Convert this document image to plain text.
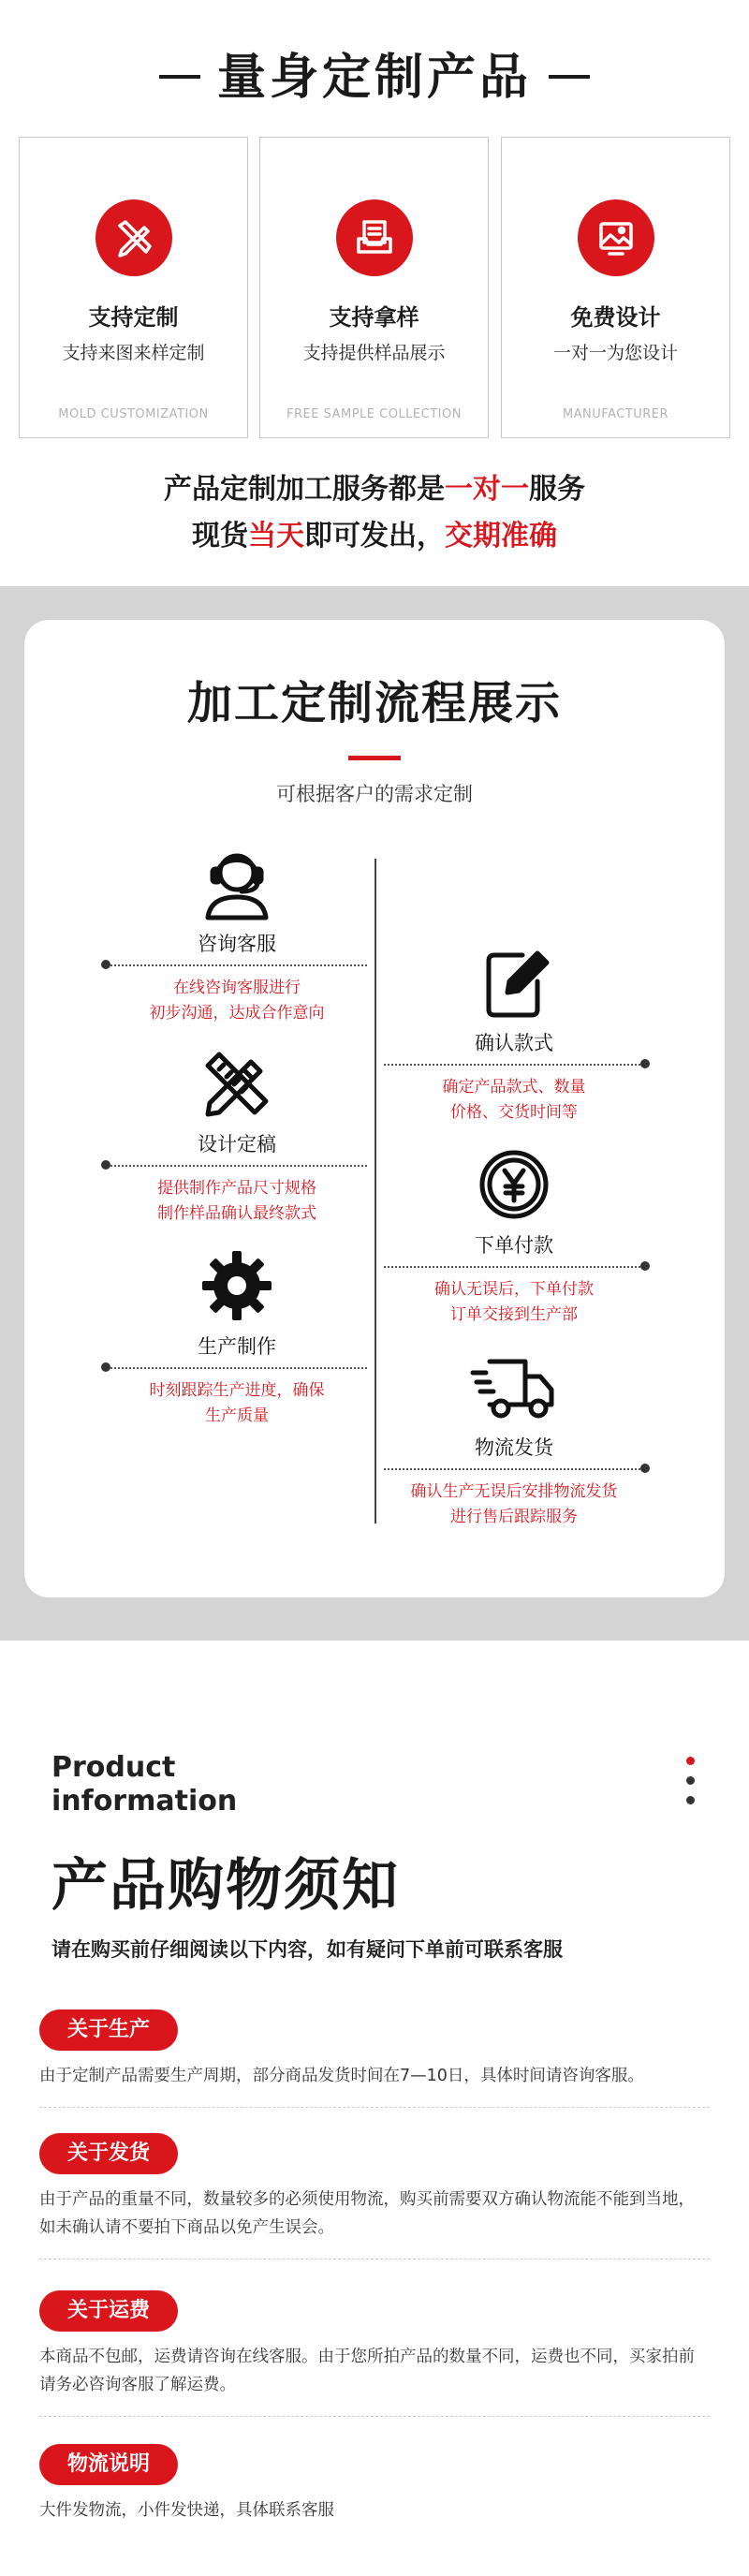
量身定制产品
支持定制
支持来图来样定制
MOLD CUSTOMIZATION
支持拿样
支持提供样品展示
FREE SAMPLE COLLECTION
免费设计
一对一为您设计
MANUFACTURER
产品定制加工服务都是一对一服务
现货当天即可发出，交期准确
加工定制流程展示
可根据客户的需求定制
咨询客服
在线咨询客服进行
初步沟通，达成合作意向
确认款式
确定产品款式、数量
价格、交货时间等
设计定稿
提供制作产品尺寸规格
制作样品确认最终款式
下单付款
确认无误后，下单付款
订单交接到生产部
生产制作
时刻跟踪生产进度，确保
生产质量
物流发货
确认生产无误后安排物流发货
进行售后跟踪服务
Product
information
产品购物须知
请在购买前仔细阅读以下内容，如有疑问下单前可联系客服
关于生产
由于定制产品需要生产周期，部分商品发货时间在7—10日，具体时间请咨询客服。
关于发货
由于产品的重量不同，数量较多的必须使用物流，购买前需要双方确认物流能不能到当地，如未确认请不要拍下商品以免产生误会。
关于运费
本商品不包邮，运费请咨询在线客服。由于您所拍产品的数量不同，运费也不同，买家拍前请务必咨询客服了解运费。
物流说明
大件发物流，小件发快递，具体联系客服
